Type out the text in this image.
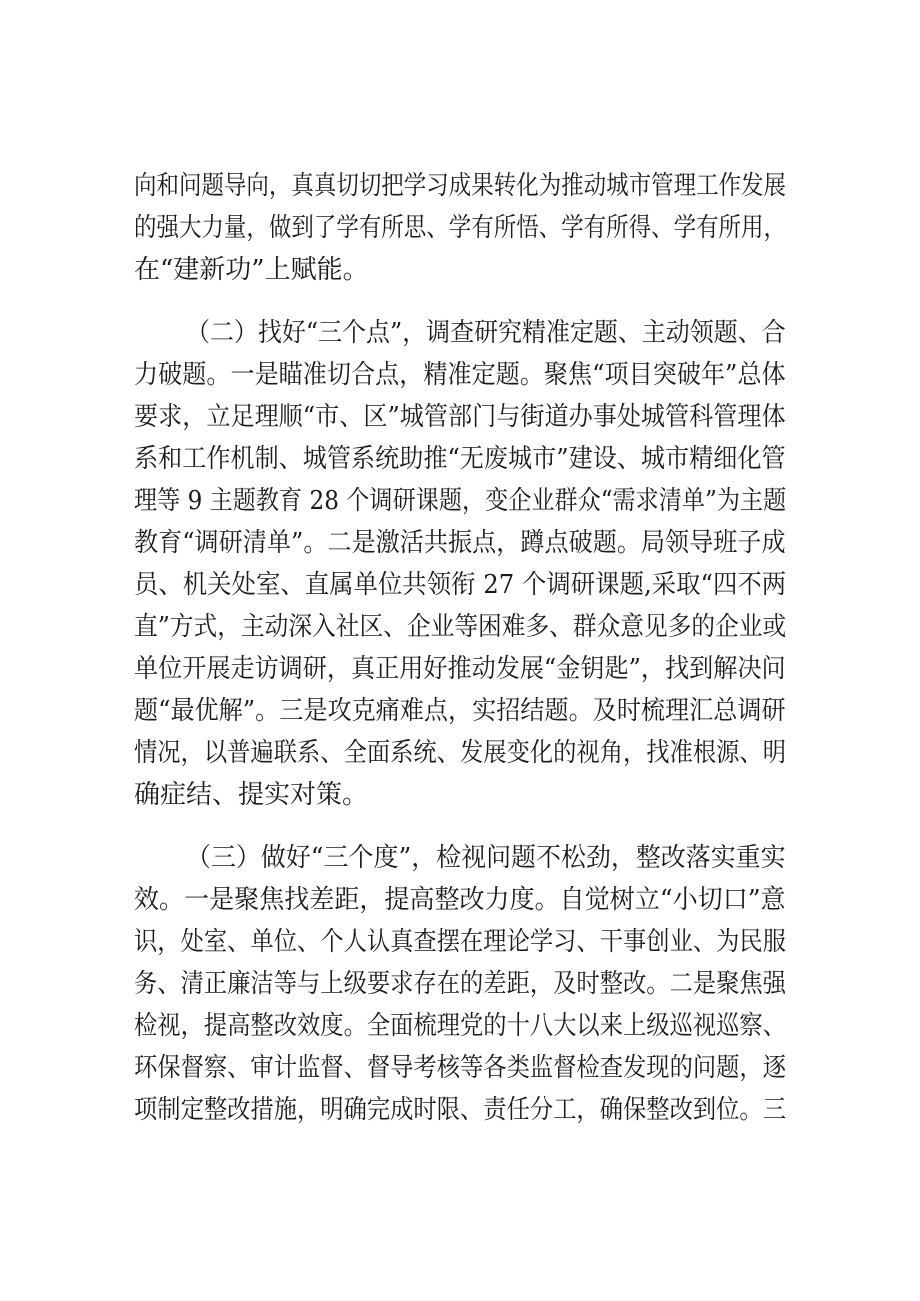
向和问题导向，真真切切把学习成果转化为推动城市管理工作发展
的强大力量，做到了学有所思、学有所悟、学有所得、学有所用，
在“建新功”上赋能。
（二）找好“三个点”，调查研究精准定题、主动领题、合
力破题。一是瞄准切合点，精准定题。聚焦“项目突破年”总体
要求，立足理顺“市、区”城管部门与街道办事处城管科管理体
系和工作机制、城管系统助推“无废城市”建设、城市精细化管
理等 9 主题教育 28 个调研课题，变企业群众“需求清单”为主题
教育“调研清单”。二是激活共振点，蹲点破题。局领导班子成
员、机关处室、直属单位共领衔 27 个调研课题,采取“四不两
直”方式，主动深入社区、企业等困难多、群众意见多的企业或
单位开展走访调研，真正用好推动发展“金钥匙”，找到解决问
题“最优解”。三是攻克痛难点，实招结题。及时梳理汇总调研
情况，以普遍联系、全面系统、发展变化的视角，找准根源、明
确症结、提实对策。
（三）做好“三个度”，检视问题不松劲，整改落实重实
效。一是聚焦找差距，提高整改力度。自觉树立“小切口”意
识，处室、单位、个人认真查摆在理论学习、干事创业、为民服
务、清正廉洁等与上级要求存在的差距，及时整改。二是聚焦强
检视，提高整改效度。全面梳理党的十八大以来上级巡视巡察、
环保督察、审计监督、督导考核等各类监督检查发现的问题，逐
项制定整改措施，明确完成时限、责任分工，确保整改到位。三
